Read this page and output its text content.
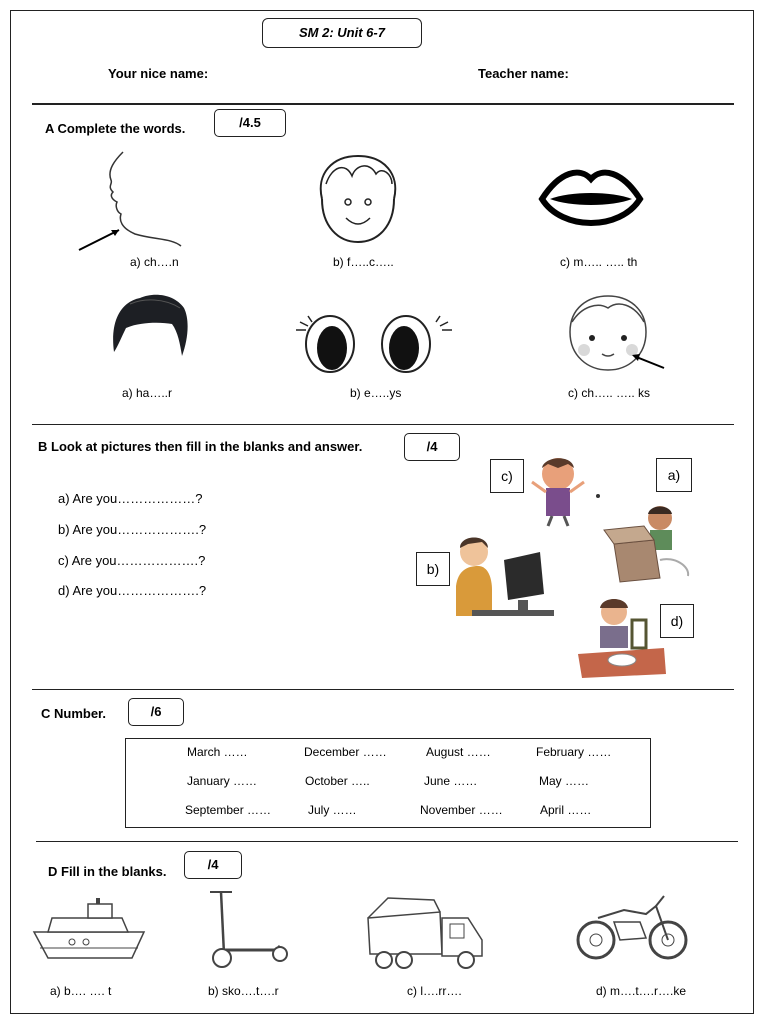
SM 2: Unit 6-7
Your nice name:	Teacher name:
A Complete the words.	/4.5
a) ch….n	b) f…..c…..	c) m….. ….. th
a) ha…..r	b) e…..ys	c) ch….. ….. ks
B Look at pictures then fill in the blanks and answer.	/4
a) Are you………………?
b) Are you……………….?
c) Are you……………….?
d) Are you……………….?
c)	a)
b)
d)
C Number.	/6
March ……	December ……	August ……	February ……
January ……	October …..	June ……	May ……
September ……	July ……	November ……	April ……
D Fill in the blanks.	/4
a) b…. …. t	b) sko….t….r	c) l….rr….	d) m….t….r….ke
